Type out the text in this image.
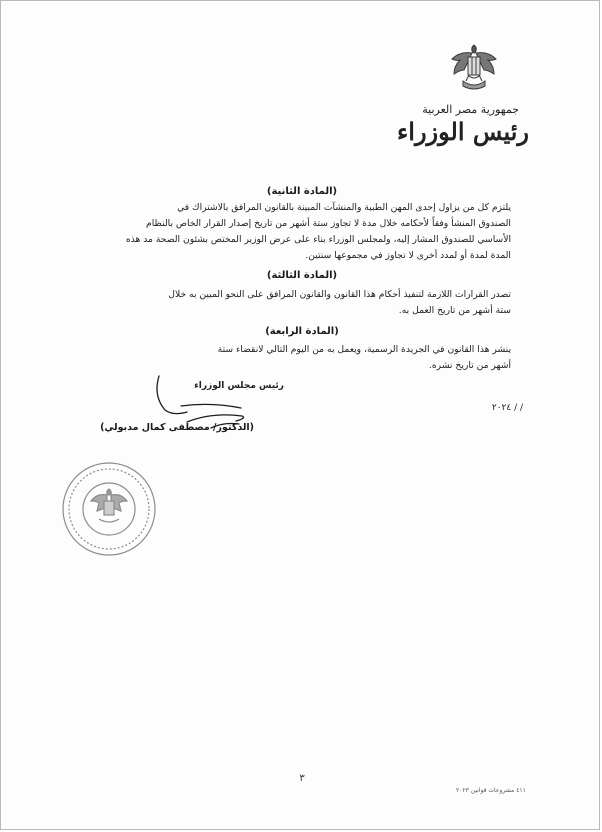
جمهورية مصر العربية
رئيس الوزراء
(المادة الثانية)

يلتزم كل من يزاول إحدى المهن الطبية والمنشآت المبينة بالقانون المرافق بالاشتراك في

الصندوق المنشأ وفقاً لأحكامه خلال مدة لا تجاوز ستة أشهر من تاريخ إصدار القرار الخاص بالنظام

الأساسي للصندوق المشار إليه، ولمجلس الوزراء بناء على عرض الوزير المختص بشئون الصحة مد هذه

المدة لمدة أو لمدد أخرى لا تجاوز في مجموعها سنتين.

(المادة الثالثة)

تصدر القرارات اللازمة لتنفيذ أحكام هذا القانون والقانون المرافق على النحو المبين به خلال

ستة أشهر من تاريخ العمل به.

(المادة الرابعة)

ينشر هذا القانون في الجريدة الرسمية، ويعمل به من اليوم التالي لانقضاء ستة

أشهر من تاريخ نشره.

رئيس مجلس الوزراء
/ / ٢٠٢٤
(الدكتور/ مصطفى كمال مدبولي)
٣
٤١١ مشروعات قوانين ٢٠٢٣
